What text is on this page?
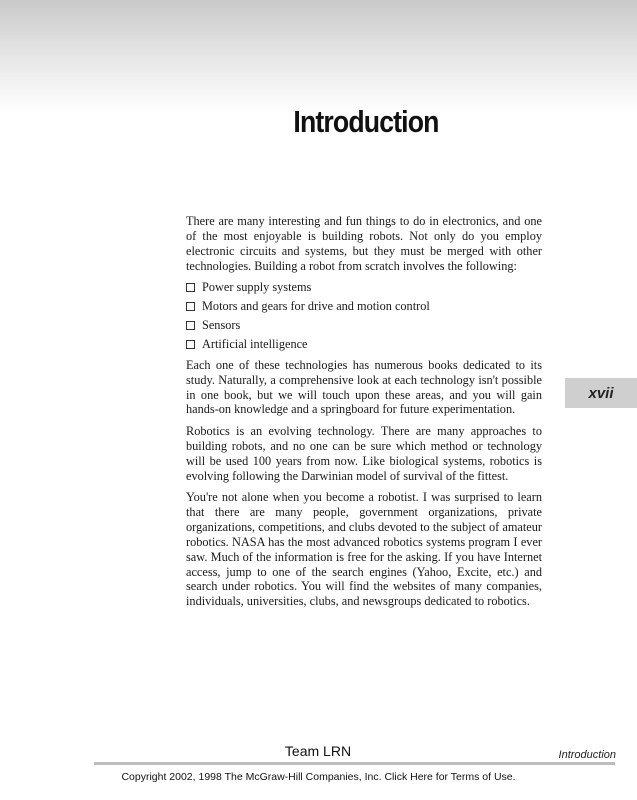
Introduction

There are many interesting and fun things to do in electronics, and one of the most enjoyable is building robots. Not only do you employ electronic circuits and systems, but they must be merged with other technologies. Building a robot from scratch involves the following:

Power supply systems
Motors and gears for drive and motion control
Sensors
Artificial intelligence

Each one of these technologies has numerous books dedicated to its study. Naturally, a comprehensive look at each technology isn't possible in one book, but we will touch upon these areas, and you will gain hands-on knowledge and a springboard for future experimentation.

Robotics is an evolving technology. There are many approaches to building robots, and no one can be sure which method or technology will be used 100 years from now. Like biological systems, robotics is evolving following the Darwinian model of survival of the fittest.

You're not alone when you become a robotist. I was surprised to learn that there are many people, government organizations, private organizations, competitions, and clubs devoted to the subject of amateur robotics. NASA has the most advanced robotics systems program I ever saw. Much of the information is free for the asking. If you have Internet access, jump to one of the search engines (Yahoo, Excite, etc.) and search under robotics. You will find the websites of many companies, individuals, universities, clubs, and newsgroups dedicated to robotics.

xvii
Team LRN	Introduction
Copyright 2002, 1998 The McGraw-Hill Companies, Inc. Click Here for Terms of Use.
